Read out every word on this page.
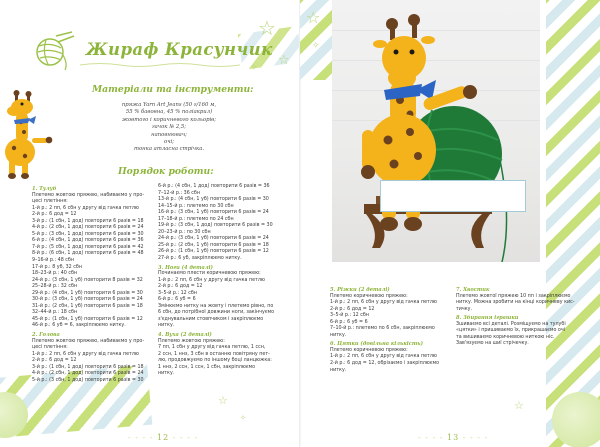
☆
☆
✧
☆
✧
Жираф Красунчик
Матеріали та інструменти:
пряжа Yarn Art Jeans (50 г/160 м,
55 % бавовна, 45 % поліакрил)
жовтого і коричневого кольорів;
гачок № 2,5;
наповнювач;
очі;
тонка атласна стрічка.
Порядок роботи:
1. Тулуб
Плетемо жовтою пряжею, набиваємо у про-
цесі плетіння:
1-й р.: 2 пп, 6 сбн у другу від гачка петлю
2-й р.: 6 дод = 12
3-й р.: (1 сбн, 1 дод) повторити 6 разів = 18
4-й р.: (2 сбн, 1 дод) повторити 6 разів = 24
5-й р.: (3 сбн, 1 дод) повторити 6 разів = 30
6-й р.: (4 сбн, 1 дод) повторити 6 разів = 36
7-й р.: (5 сбн, 1 дод) повторити 6 разів = 42
8-й р.: (6 сбн, 1 дод) повторити 6 разів = 48
9–16-й р.: 48 сбн
17-й р.: 8 уб, 32 сбн
18–23-й р.: 40 сбн
24-й р.: (3 сбн, 1 уб) повторити 8 разів = 32
25–28-й р.: 32 сбн
29-й р.: (4 сбн, 1 уб) повторити 6 разів = 30
30-й р.: (3 сбн, 1 уб) повторити 6 разів = 24
31-й р.: (2 сбн, 1 уб) повторити 6 разів = 18
32–44-й р.: 18 сбн
45-й р.: (1 сбн, 1 уб) повторити 6 разів = 12
46-й р.: 6 уб = 6, закріплюємо нитку.
2. Голова
Плетемо жовтою пряжею, набиваємо у про-
цесі плетіння:
1-й р.: 2 пп, 6 сбн у другу від гачка петлю
2-й р.: 6 дод = 12
3-й р.: (1 сбн, 1 дод) повторити 6 разів = 18
4-й р.: (2 сбн, 1 дод) повторити 6 разів = 24
5-й р.: (3 сбн, 1 дод) повторити 6 разів = 30
6-й р.: (4 сбн, 1 дод) повторити 6 разів = 36
7–12-й р.: 36 сбн
13-й р.: (4 сбн, 1 уб) повторити 6 разів = 30
14–15-й р.: плетемо по 30 сбн
16-й р.: (3 сбн, 1 уб) повторити 6 разів = 24
17–18-й р.: плетемо по 24 сбн
19-й р.: (3 сбн, 1 дод) повторити 6 разів = 30
20–23-й р.: по 30 сбн
24-й р.: (3 сбн, 1 уб) повторити 6 разів = 24
25-й р.: (2 сбн, 1 уб) повторити 6 разів = 18
26-й р.: (1 сбн, 1 уб) повторити 6 разів = 12
27-й р.: 6 уб, закріплюємо нитку.
3. Ноги (4 деталі)
Починаємо плести коричневою пряжею:
1-й р.: 2 пп, 6 сбн у другу від гачка петлю
2-й р.: 6 дод = 12
3–5-й р.: 12 сбн
6-й р.: 6 уб = 6
Змінюємо нитку на жовту і плетемо рівно, по
6 сбн, до потрібної довжини ноги, закінчуємо
з'єднувальним стовпчиком і закріплюємо
нитку.
4. Вуха (2 деталі)
Плетемо жовтою пряжею:
7 пп, 1 сбн у другу від гачка петлю, 1 ссн,
2 ссн, 1 ннз, 3 сбн в останню повітряну пет-
лю, продовжуємо по іншому боці ланцюжка:
1 ннз, 2 ссн, 1 ссн, 1 сбн, закріплюємо
нитку.
- - - - 12 - - - -
☆
✧
☆
5. Ріжки (2 деталі)
Плетемо коричневою пряжею:
1-й р.: 2 пп, 6 сбн у другу від гачка петлю
2-й р.: 6 дод = 12
3–5-й р.: 12 сбн
6-й р.: 6 уб = 6
7–10-й р.: плетемо по 6 сбн, закріплюємо
нитку.
6. Цятки (довільна кількість)
Плетемо коричневою пряжею:
1-й р.: 2 пп, 6 сбн у другу від гачка петлю
2-й р.: 6 дод = 12, обрізаємо і закріплюємо
нитку.
7. Хвостик
Плетемо жовтої пряжею 10 пп і закріплюємо
нитку. Можна зробити на кінці коричневу кис-
тичку.
8. Збирання іграшки
Зшиваємо всі деталі. Розміщуємо на тулубі
«цятки» і пришиваємо їх, прикрашаємо очі
та вишиваємо коричневою ниткою ніс.
Зав'язуємо на шиї стрічечку.
- - - - 13 - - - -
